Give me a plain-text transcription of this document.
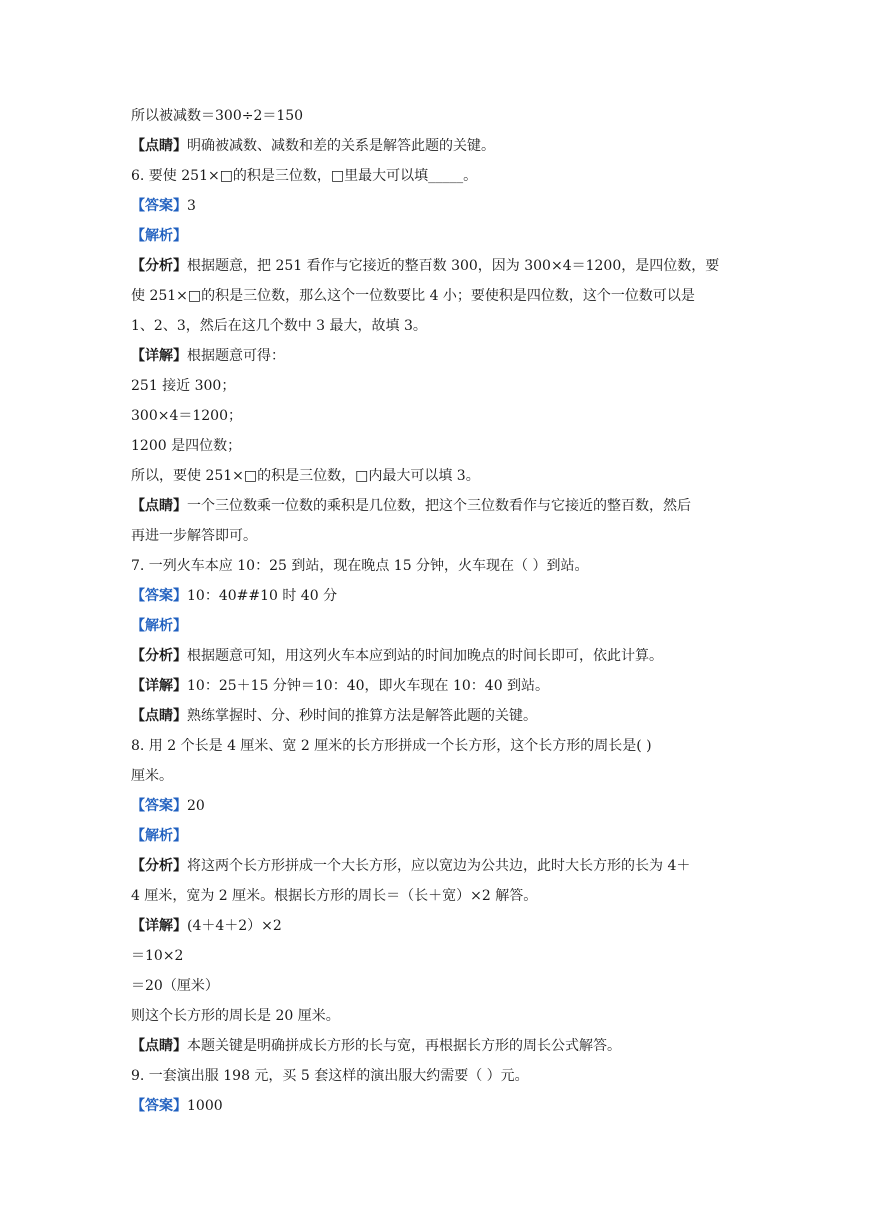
所以被减数＝300÷2＝150
【点睛】明确被减数、减数和差的关系是解答此题的关键。
6. 要使 251×□的积是三位数，□里最大可以填_____。
【答案】3
【解析】
【分析】根据题意，把 251 看作与它接近的整百数 300，因为 300×4＝1200，是四位数，要
使 251×□的积是三位数，那么这个一位数要比 4 小；要使积是四位数，这个一位数可以是
1、2、3，然后在这几个数中 3 最大，故填 3。
【详解】根据题意可得：
251 接近 300；
300×4＝1200；
1200 是四位数；
所以，要使 251×□的积是三位数，□内最大可以填 3。
【点睛】一个三位数乘一位数的乘积是几位数，把这个三位数看作与它接近的整百数，然后
再进一步解答即可。
7. 一列火车本应 10：25 到站，现在晚点 15 分钟，火车现在（ ）到站。
【答案】10：40##10 时 40 分
【解析】
【分析】根据题意可知，用这列火车本应到站的时间加晚点的时间长即可，依此计算。
【详解】10：25＋15 分钟＝10：40，即火车现在 10：40 到站。
【点睛】熟练掌握时、分、秒时间的推算方法是解答此题的关键。
8. 用 2 个长是 4 厘米、宽 2 厘米的长方形拼成一个长方形，这个长方形的周长是( )
厘米。
【答案】20
【解析】
【分析】将这两个长方形拼成一个大长方形，应以宽边为公共边，此时大长方形的长为 4＋
4 厘米，宽为 2 厘米。根据长方形的周长＝（长＋宽）×2 解答。
【详解】(4＋4＋2）×2
＝10×2
＝20（厘米）
则这个长方形的周长是 20 厘米。
【点睛】本题关键是明确拼成长方形的长与宽，再根据长方形的周长公式解答。
9. 一套演出服 198 元，买 5 套这样的演出服大约需要（ ）元。
【答案】1000
